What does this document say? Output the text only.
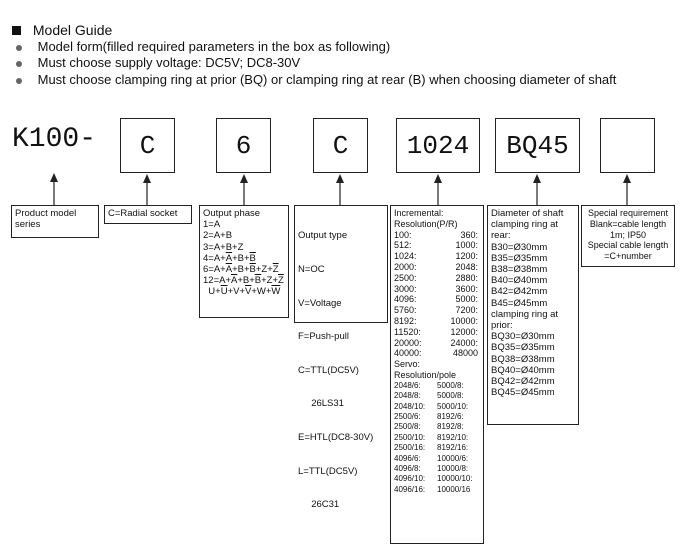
Model Guide
Model form(filled required parameters in the box as following)
Must choose supply voltage: DC5V; DC8-30V
Must choose clamping ring at prior (BQ) or clamping ring at rear (B) when choosing diameter of shaft
K100-	C	6	C	1024	BQ45
Product model
series
C=Radial socket	Output phase
1=A
2=A+B
3=A+B+Z
$4=A+\overline{A}+B+\overline{B}$
$6=A+\overline{A}+B+\overline{B}+Z+\overline{Z}$
$12=A+\overline{A}+B+\overline{B}+Z+\overline{Z}$
$U+\overline{U}+V+\overline{V}+W+\overline{W}$

Output type

N=OC

V=Voltage

F=Push-pull

C=TTL(DC5V)

26LS31

E=HTL(DC8-30V)

L=TTL(DC5V)

26C31

Incremental:
Resolution(P/R)
100:	360:
512:	1000:
1024:	1200:
2000:	2048:
2500:	2880:
3000:	3600:
4096:	5000:
5760:	7200:
8192:	10000:
11520:	12000:
20000:	24000:
40000:	48000
Servo:
Resolution/pole
2048/6:	5000/8:
2048/8:	5000/8:
2048/10:	5000/10:
2500/6:	8192/6:
2500/8:	8192/8:
2500/10:	8192/10:
2500/16:	8192/16:
4096/6:	10000/6:
4096/8:	10000/8:
4096/10:	10000/10:
4096/16:	10000/16
Diameter of shaft
clamping ring at
rear:
B30=Ø30mm
B35=Ø35mm
B38=Ø38mm
B40=Ø40mm
B42=Ø42mm
B45=Ø45mm
clamping ring at
prior:
BQ30=Ø30mm
BQ35=Ø35mm
BQ38=Ø38mm
BQ40=Ø40mm
BQ42=Ø42mm
BQ45=Ø45mm
Special requirement
Blank=cable length
1m; IP50
Special cable length
=C+number
